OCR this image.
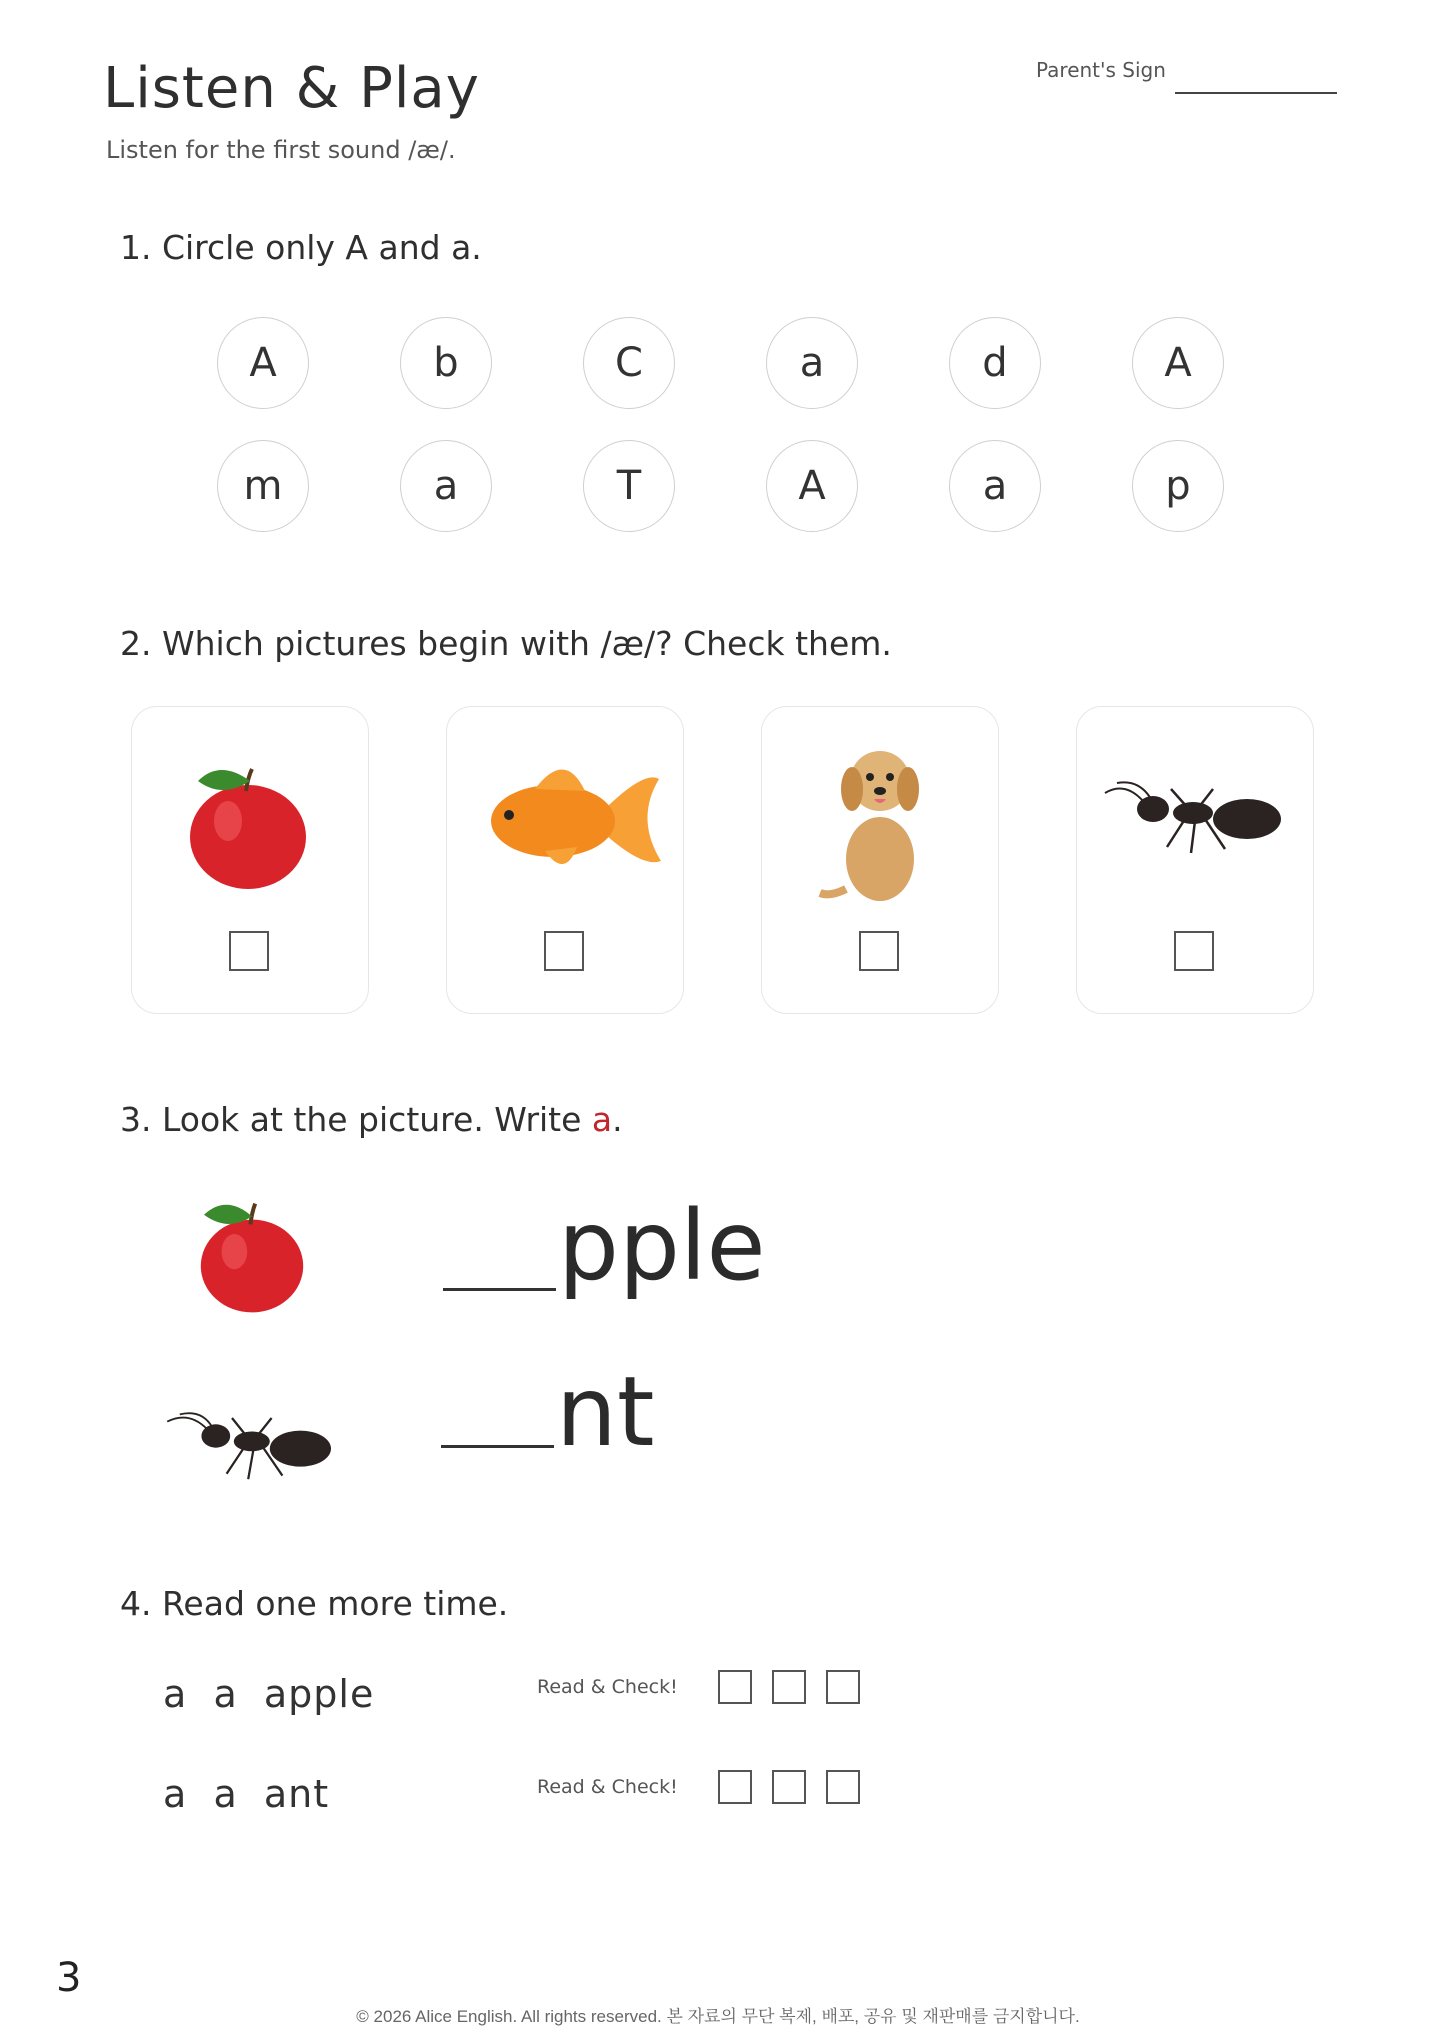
Listen & Play
Listen for the first sound /æ/.
Parent's Sign
1. Circle only A and a.
A	b	C	a	d	A
m	a	T	A	a	p
2. Which pictures begin with /æ/? Check them.
3. Look at the picture. Write a.
pple
nt
4. Read one more time.
a  a  apple	Read & Check!
a  a  ant	Read & Check!
3
© 2026 Alice English. All rights reserved. 본 자료의 무단 복제, 배포, 공유 및 재판매를 금지합니다.
